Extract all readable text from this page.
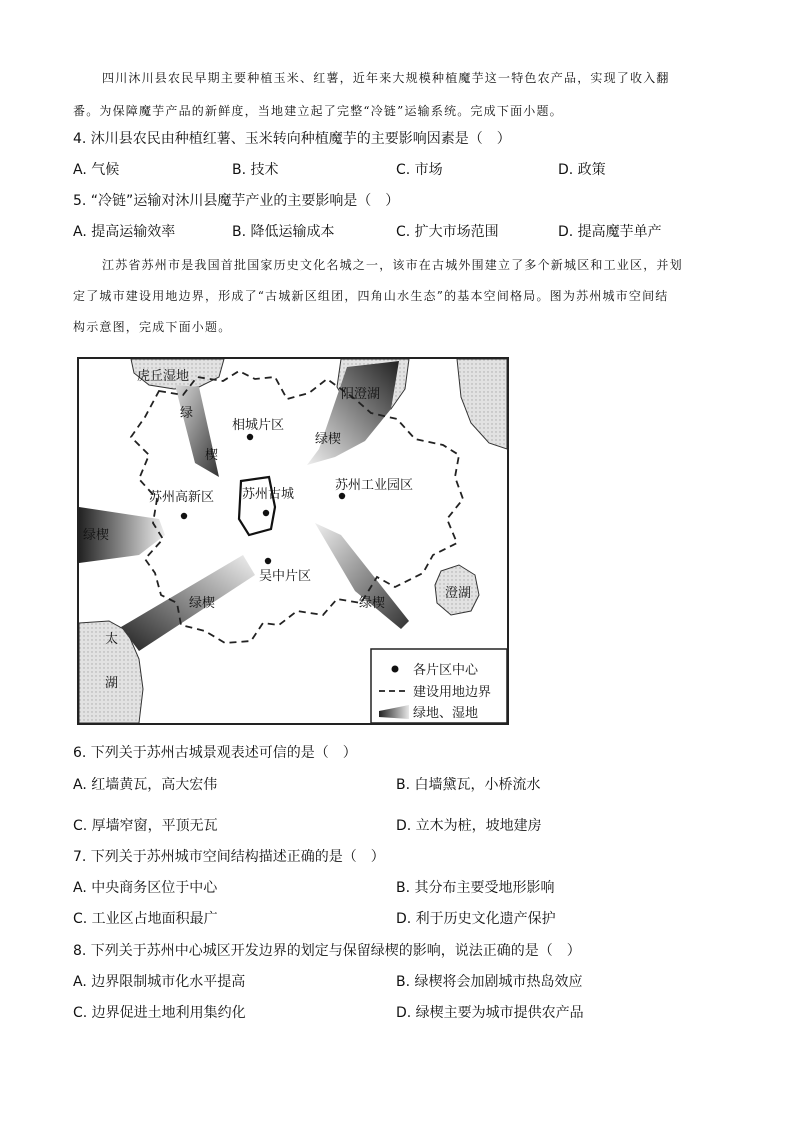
四川沐川县农民早期主要种植玉米、红薯，近年来大规模种植魔芋这一特色农产品，实现了收入翻
番。为保障魔芋产品的新鲜度，当地建立起了完整“冷链”运输系统。完成下面小题。
4. 沐川县农民由种植红薯、玉米转向种植魔芋的主要影响因素是（　）
A. 气候	B. 技术	C. 市场	D. 政策
5. “冷链”运输对沐川县魔芋产业的主要影响是（　）
A. 提高运输效率	B. 降低运输成本	C. 扩大市场范围	D. 提高魔芋单产
江苏省苏州市是我国首批国家历史文化名城之一，该市在古城外围建立了多个新城区和工业区，并划
定了城市建设用地边界，形成了“古城新区组团，四角山水生态”的基本空间格局。图为苏州城市空间结
构示意图，完成下面小题。
虎丘湿地
阳澄湖
相城片区
苏州高新区 苏州古城
苏州工业园区
吴中片区
澄湖
太
湖
绿
楔
绿楔
绿楔
绿楔	绿楔
各片区中心
建设用地边界
绿地、湿地
6. 下列关于苏州古城景观表述可信的是（　）
A. 红墙黄瓦，高大宏伟	B. 白墙黛瓦，小桥流水
C. 厚墙窄窗，平顶无瓦	D. 立木为桩，坡地建房
7. 下列关于苏州城市空间结构描述正确的是（　）
A. 中央商务区位于中心	B. 其分布主要受地形影响
C. 工业区占地面积最广	D. 利于历史文化遗产保护
8. 下列关于苏州中心城区开发边界的划定与保留绿楔的影响，说法正确的是（　）
A. 边界限制城市化水平提高	B. 绿楔将会加剧城市热岛效应
C. 边界促进土地利用集约化	D. 绿楔主要为城市提供农产品
